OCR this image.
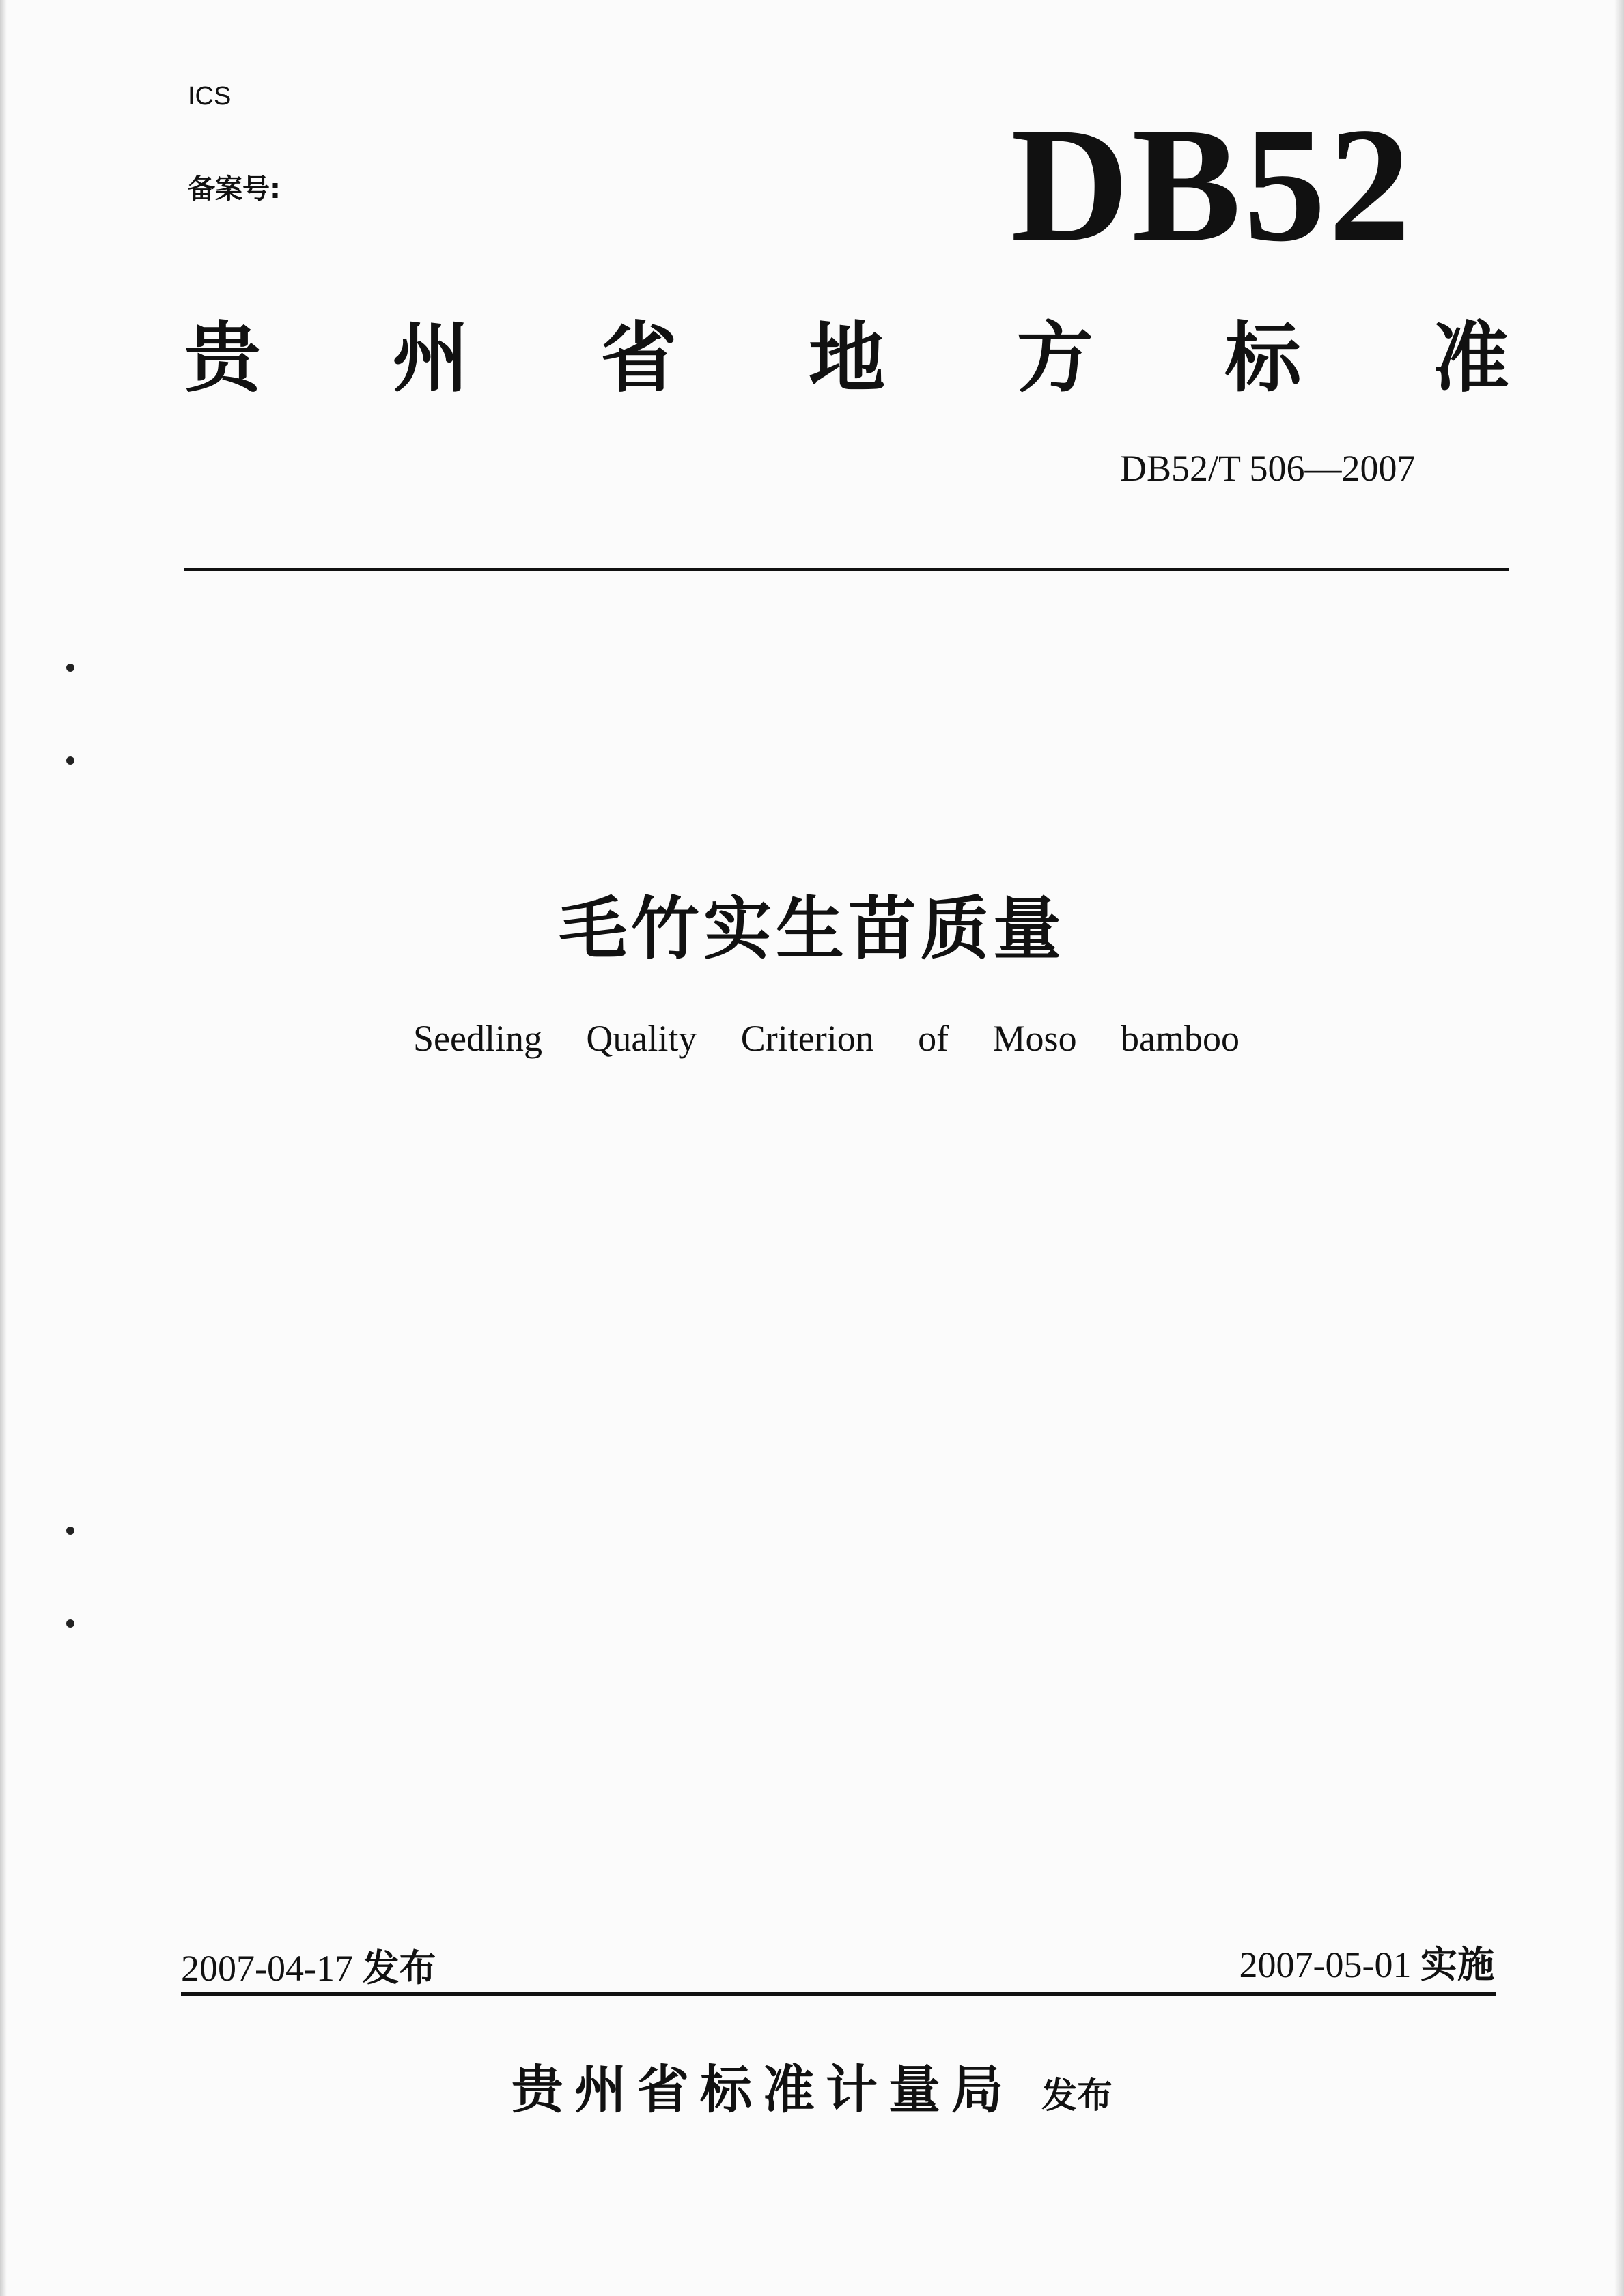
ICS
备案号:	DB52
贵 州 省 地 方 标 准
DB52/T 506—2007
毛竹实生苗质量
Seedling Quality Criterion of Moso bamboo
2007-04-17 发布	2007-05-01 实施
贵州省标准计量局 发布
